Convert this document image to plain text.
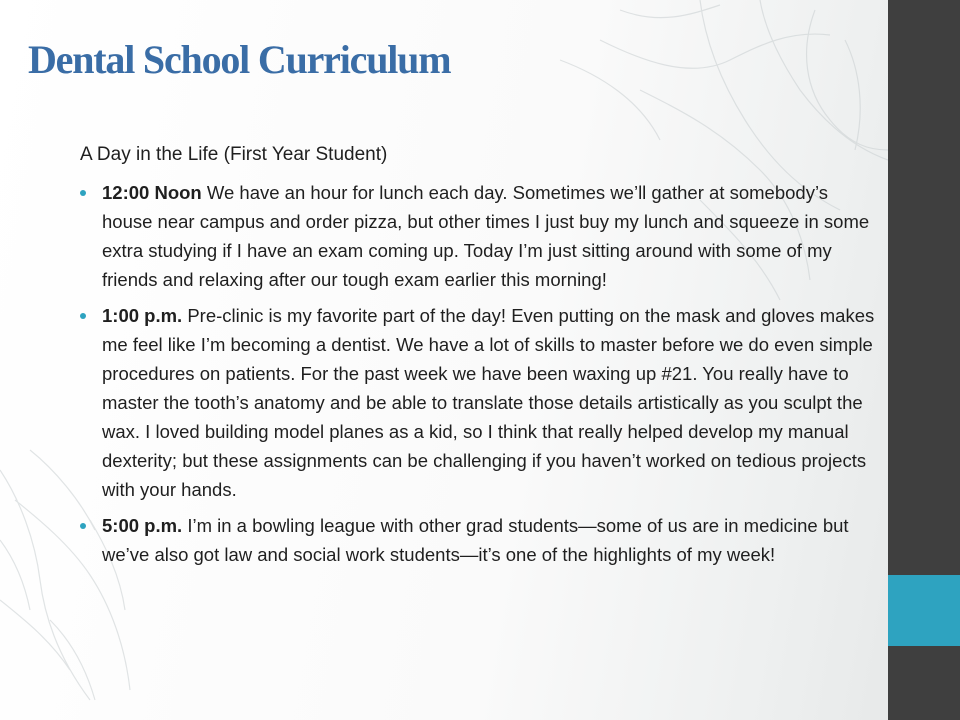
Dental School Curriculum

A Day in the Life (First Year Student)

12:00 Noon We have an hour for lunch each day. Sometimes we’ll gather at somebody’s house near campus and order pizza, but other times I just buy my lunch and squeeze in some extra studying if I have an exam coming up. Today I’m just sitting around with some of my friends and relaxing after our tough exam earlier this morning!
1:00 p.m. Pre-clinic is my favorite part of the day! Even putting on the mask and gloves makes me feel like I’m becoming a dentist. We have a lot of skills to master before we do even simple procedures on patients. For the past week we have been waxing up #21. You really have to master the tooth’s anatomy and be able to translate those details artistically as you sculpt the wax. I loved building model planes as a kid, so I think that really helped develop my manual dexterity; but these assignments can be challenging if you haven’t worked on tedious projects with your hands.
5:00 p.m. I’m in a bowling league with other grad students—some of us are in medicine but we’ve also got law and social work students—it’s one of the highlights of my week!
